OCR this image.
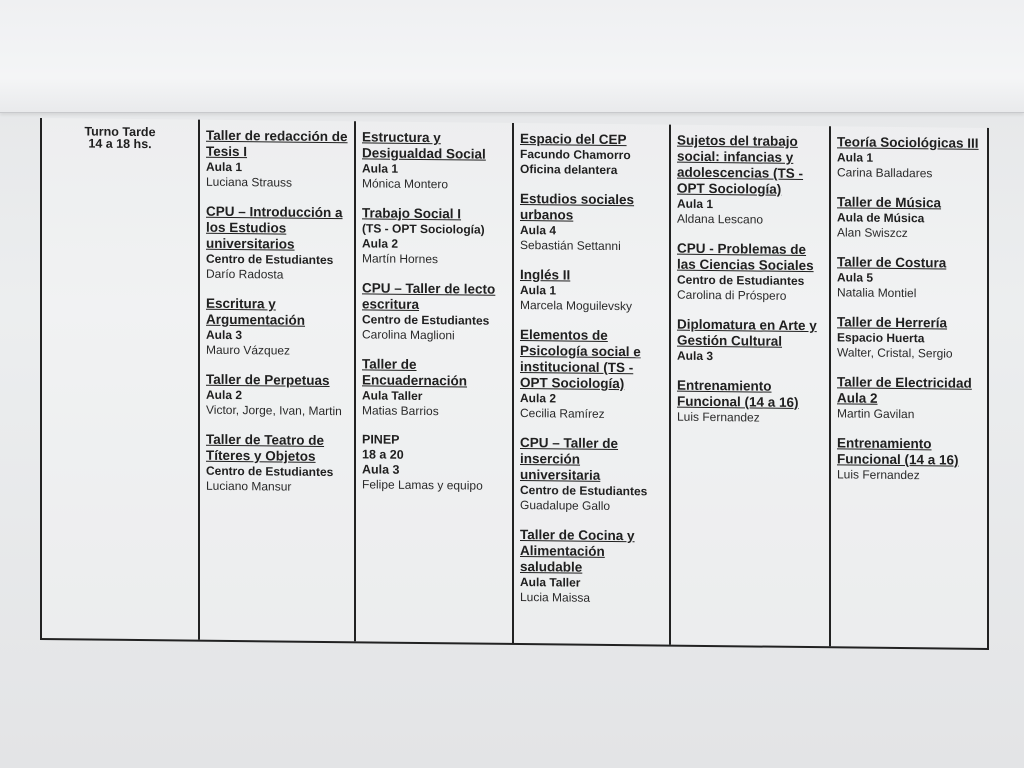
Turno Tarde
14 a 18 hs.	Taller de redacción de Tesis I
Aula 1
Luciana Strauss
CPU – Introducción a los Estudios universitarios
Centro de Estudiantes
Darío Radosta
Escritura y Argumentación
Aula 3
Mauro Vázquez
Taller de Perpetuas
Aula 2
Victor, Jorge, Ivan, Martin
Taller de Teatro de Títeres y Objetos
Centro de Estudiantes
Luciano Mansur
Estructura y Desigualdad Social
Aula 1
Mónica Montero
Trabajo Social I
(TS - OPT Sociología)
Aula 2
Martín Hornes
CPU – Taller de lecto escritura
Centro de Estudiantes
Carolina Maglioni
Taller de Encuadernación
Aula Taller
Matias Barrios
PINEP
18 a 20
Aula 3
Felipe Lamas y equipo
Espacio del CEP
Facundo Chamorro
Oficina delantera
Estudios sociales urbanos
Aula 4
Sebastián Settanni
Inglés II
Aula 1
Marcela Moguilevsky
Elementos de Psicología social e institucional (TS - OPT Sociología)
Aula 2
Cecilia Ramírez
CPU – Taller de inserción universitaria
Centro de Estudiantes
Guadalupe Gallo
Taller de Cocina y Alimentación saludable
Aula Taller
Lucia Maissa
Sujetos del trabajo social: infancias y adolescencias (TS - OPT Sociología)
Aula 1
Aldana Lescano
CPU - Problemas de las Ciencias Sociales
Centro de Estudiantes
Carolina di Próspero
Diplomatura en Arte y Gestión Cultural
Aula 3
Entrenamiento Funcional (14 a 16)
Luis Fernandez
Teoría Sociológicas III
Aula 1
Carina Balladares
Taller de Música
Aula de Música
Alan Swiszcz
Taller de Costura
Aula 5
Natalia Montiel
Taller de Herrería
Espacio Huerta
Walter, Cristal, Sergio
Taller de Electricidad Aula 2
Martin Gavilan
Entrenamiento Funcional (14 a 16)
Luis Fernandez
